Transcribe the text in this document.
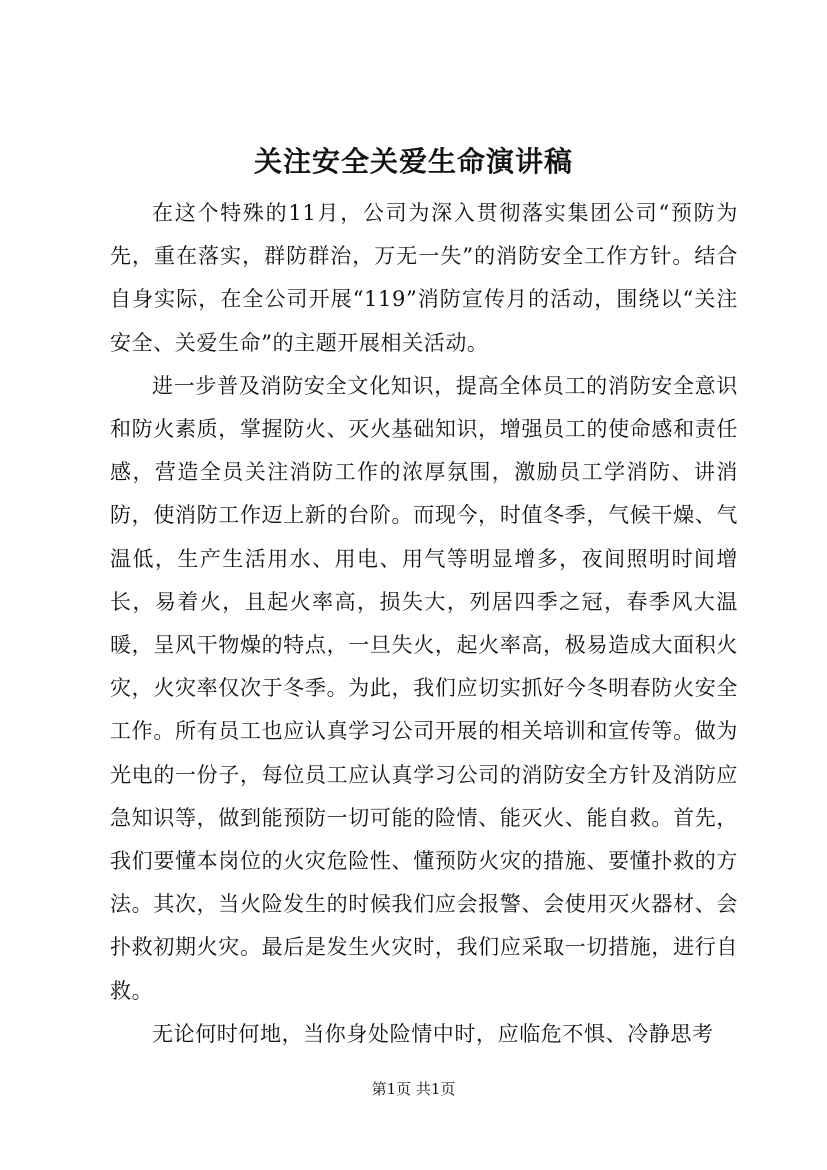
关注安全关爱生命演讲稿

在这个特殊的11月，公司为深入贯彻落实集团公司“预防为先，重在落实，群防群治，万无一失”的消防安全工作方针。结合自身实际，在全公司开展“119”消防宣传月的活动，围绕以“关注安全、关爱生命”的主题开展相关活动。

进一步普及消防安全文化知识，提高全体员工的消防安全意识和防火素质，掌握防火、灭火基础知识，增强员工的使命感和责任感，营造全员关注消防工作的浓厚氛围，激励员工学消防、讲消防，使消防工作迈上新的台阶。而现今，时值冬季，气候干燥、气温低，生产生活用水、用电、用气等明显增多，夜间照明时间增长，易着火，且起火率高，损失大，列居四季之冠，春季风大温暖，呈风干物燥的特点，一旦失火，起火率高，极易造成大面积火灾，火灾率仅次于冬季。为此，我们应切实抓好今冬明春防火安全工作。所有员工也应认真学习公司开展的相关培训和宣传等。做为光电的一份子，每位员工应认真学习公司的消防安全方针及消防应急知识等，做到能预防一切可能的险情、能灭火、能自救。首先，我们要懂本岗位的火灾危险性、懂预防火灾的措施、要懂扑救的方法。其次，当火险发生的时候我们应会报警、会使用灭火器材、会扑救初期火灾。最后是发生火灾时，我们应采取一切措施，进行自救。

无论何时何地，当你身处险情中时，应临危不惧、冷静思考

第1页 共1页
